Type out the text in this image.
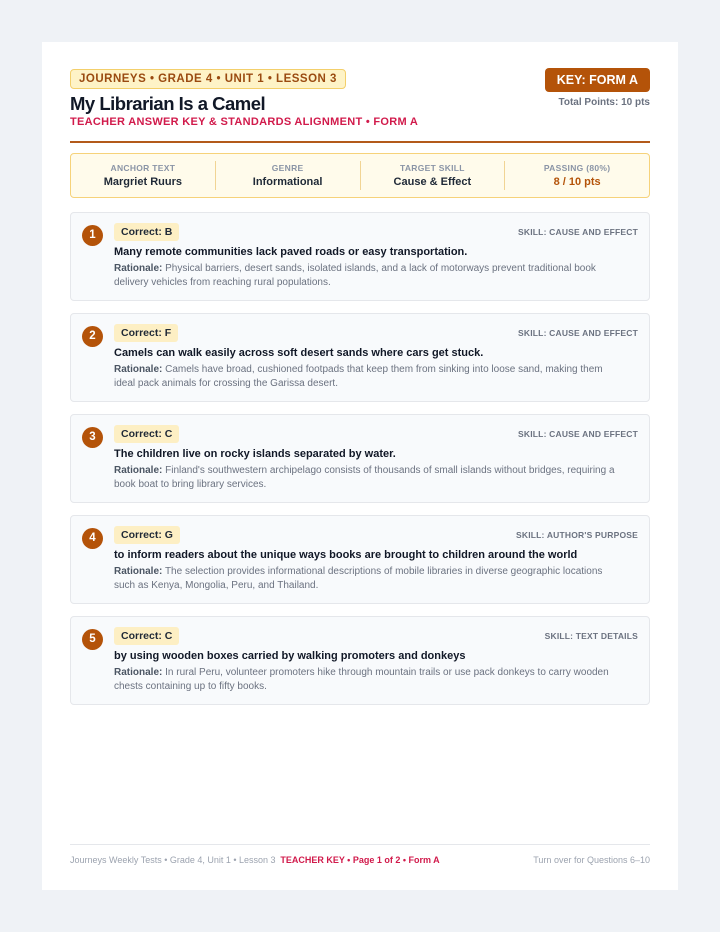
JOURNEYS • GRADE 4 • UNIT 1 • LESSON 3
My Librarian Is a Camel
TEACHER ANSWER KEY & STANDARDS ALIGNMENT • FORM A
KEY: FORM A
Total Points: 10 pts
ANCHOR TEXT
Margriet Ruurs
GENRE
Informational
TARGET SKILL
Cause & Effect
PASSING (80%)
8 / 10 pts
1	Correct: B	SKILL: CAUSE AND EFFECT
Many remote communities lack paved roads or easy transportation.
Rationale: Physical barriers, desert sands, isolated islands, and a lack of motorways prevent traditional book delivery vehicles from reaching rural populations.
2	Correct: F	SKILL: CAUSE AND EFFECT
Camels can walk easily across soft desert sands where cars get stuck.
Rationale: Camels have broad, cushioned footpads that keep them from sinking into loose sand, making them ideal pack animals for crossing the Garissa desert.
3	Correct: C	SKILL: CAUSE AND EFFECT
The children live on rocky islands separated by water.
Rationale: Finland's southwestern archipelago consists of thousands of small islands without bridges, requiring a book boat to bring library services.
4	Correct: G	SKILL: AUTHOR'S PURPOSE
to inform readers about the unique ways books are brought to children around the world
Rationale: The selection provides informational descriptions of mobile libraries in diverse geographic locations such as Kenya, Mongolia, Peru, and Thailand.
5	Correct: C	SKILL: TEXT DETAILS
by using wooden boxes carried by walking promoters and donkeys
Rationale: In rural Peru, volunteer promoters hike through mountain trails or use pack donkeys to carry wooden chests containing up to fifty books.
Journeys Weekly Tests • Grade 4, Unit 1 • Lesson 3 TEACHER KEY • Page 1 of 2 • Form A	Turn over for Questions 6–10
